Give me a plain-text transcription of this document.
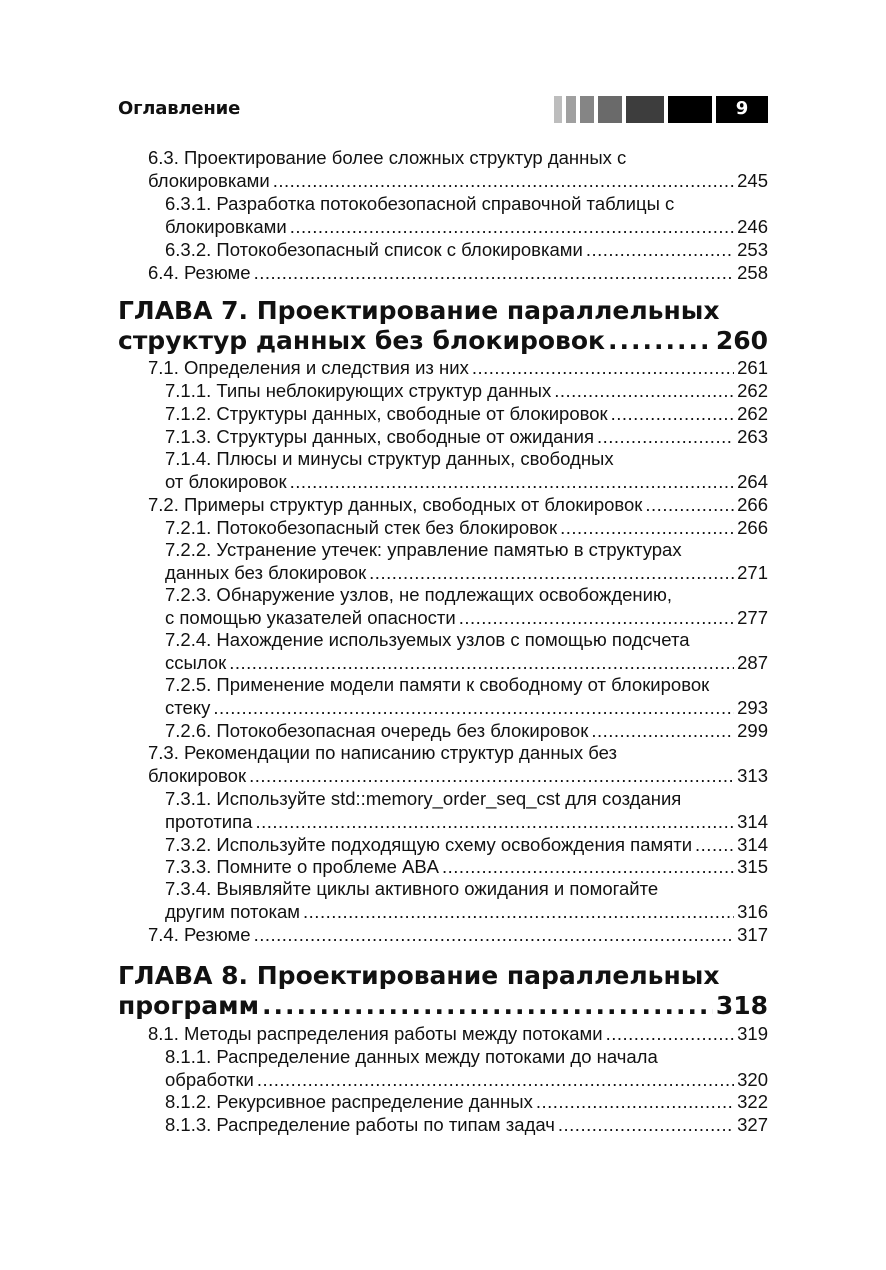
Оглавление	9
6.3. Проектирование более сложных структур данных с
блокировками .....	245
6.3.1. Разработка потокобезопасной справочной таблицы с
блокировками .....	246
6.3.2. Потокобезопасный список с блокировками .....	253
6.4. Резюме .....	258
ГЛАВА 7. Проектирование параллельных
структур данных без блокировок .....	260
7.1. Определения и следствия из них .....	261
7.1.1. Типы неблокирующих структур данных .....	262
7.1.2. Структуры данных, свободные от блокировок .....	262
7.1.3. Структуры данных, свободные от ожидания .....	263
7.1.4. Плюсы и минусы структур данных, свободных
от блокировок .....	264
7.2. Примеры структур данных, свободных от блокировок .....	266
7.2.1. Потокобезопасный стек без блокировок .....	266
7.2.2. Устранение утечек: управление памятью в структурах
данных без блокировок .....	271
7.2.3. Обнаружение узлов, не подлежащих освобождению,
с помощью указателей опасности .....	277
7.2.4. Нахождение используемых узлов с помощью подсчета
ссылок .....	287
7.2.5. Применение модели памяти к свободному от блокировок
стеку .....	293
7.2.6. Потокобезопасная очередь без блокировок .....	299
7.3. Рекомендации по написанию структур данных без
блокировок .....	313
7.3.1. Используйте std::memory_order_seq_cst для создания
прототипа .....	314
7.3.2. Используйте подходящую схему освобождения памяти ..... 314
7.3.3. Помните о проблеме ABA .....	315
7.3.4. Выявляйте циклы активного ожидания и помогайте
другим потокам .....	316
7.4. Резюме .....	317
ГЛАВА 8. Проектирование параллельных
программ .....	318
8.1. Методы распределения работы между потоками .....	319
8.1.1. Распределение данных между потоками до начала
обработки .....	320
8.1.2. Рекурсивное распределение данных .....	322
8.1.3. Распределение работы по типам задач .....	327
